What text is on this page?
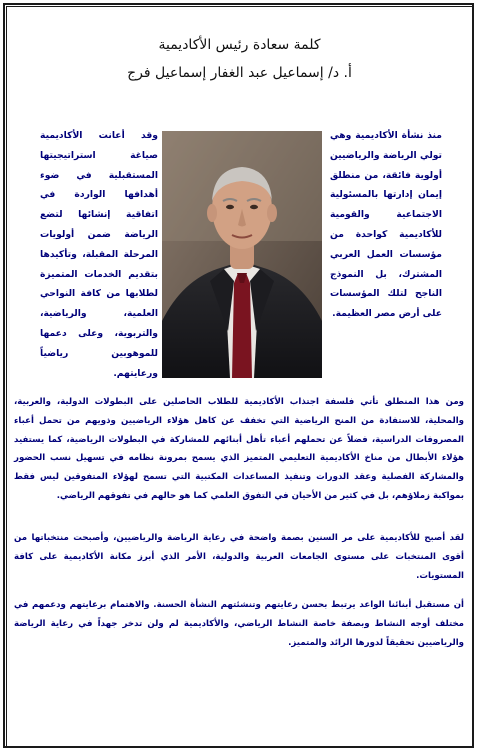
كلمة سعادة رئيس الأكاديمية
أ. د/ إسماعيل عبد الغفار إسماعيل فرج
منذ نشأة الأكاديمية وهي تولي الرياضة والرياضيين أولوية فائقة، من منطلق إيمان إدارتها بالمسئولية الاجتماعية والقومية للأكاديمية كواحدة من مؤسسات العمل العربي المشترك، بل النموذج الناجح لتلك المؤسسات على أرض مصر العظيمة.
وقد أعانت الأكاديمية صياغة استراتيجيتها المستقبلية في ضوء أهدافها الواردة في اتفاقية إنشائها لتضع الرياضة ضمن أولويات المرحلة المقبلة، وتأكيدها بتقديم الخدمات المتميزة لطلابها من كافة النواحي العلمية، والرياضية، والتربوية، وعلى دعمها للموهوبين رياضياً ورعايتهم.
ومن هذا المنطلق تأتي فلسفة اجتذاب الأكاديمية للطلاب الحاصلين على البطولات الدولية، والعربية، والمحلية، للاستفادة من المنح الرياضية التي تخفف عن كاهل هؤلاء الرياضيين وذويهم من تحمل أعباء المصروفات الدراسية، فضلاً عن تحملهم أعباء تأهل أبنائهم للمشاركة في البطولات الرياضية، كما يستفيد هؤلاء الأبطال من مناخ الأكاديمية التعليمي المتميز الذي يسمح بمرونة نظامه في تسهيل نسب الحضور والمشاركة الفصلية وعقد الدورات وتنفيذ المساعدات المكتبية التي تسمح لهؤلاء المتفوقين ليس فقط بمواكبة زملاؤهم، بل في كثير من الأحيان في التفوق العلمي كما هو حالهم في تفوقهم الرياضي.
لقد أصبح للأكاديمية على مر السنين بصمة واضحة في رعاية الرياضة والرياضيين، وأصبحت منتخباتها من أقوى المنتخبات على مستوى الجامعات العربية والدولية، الأمر الذي أبرز مكانة الأكاديمية على كافة المستويات.
أن مستقبل أبنائنا الواعد يرتبط بحسن رعايتهم وتنشئتهم النشأة الحسنة. والاهتمام برعايتهم ودعمهم في مختلف أوجه النشاط وبصفة خاصة النشاط الرياضي، والأكاديمية لم ولن تدخر جهداً في رعاية الرياضة والرياضيين تحقيقاً لدورها الرائد والمتميز.
